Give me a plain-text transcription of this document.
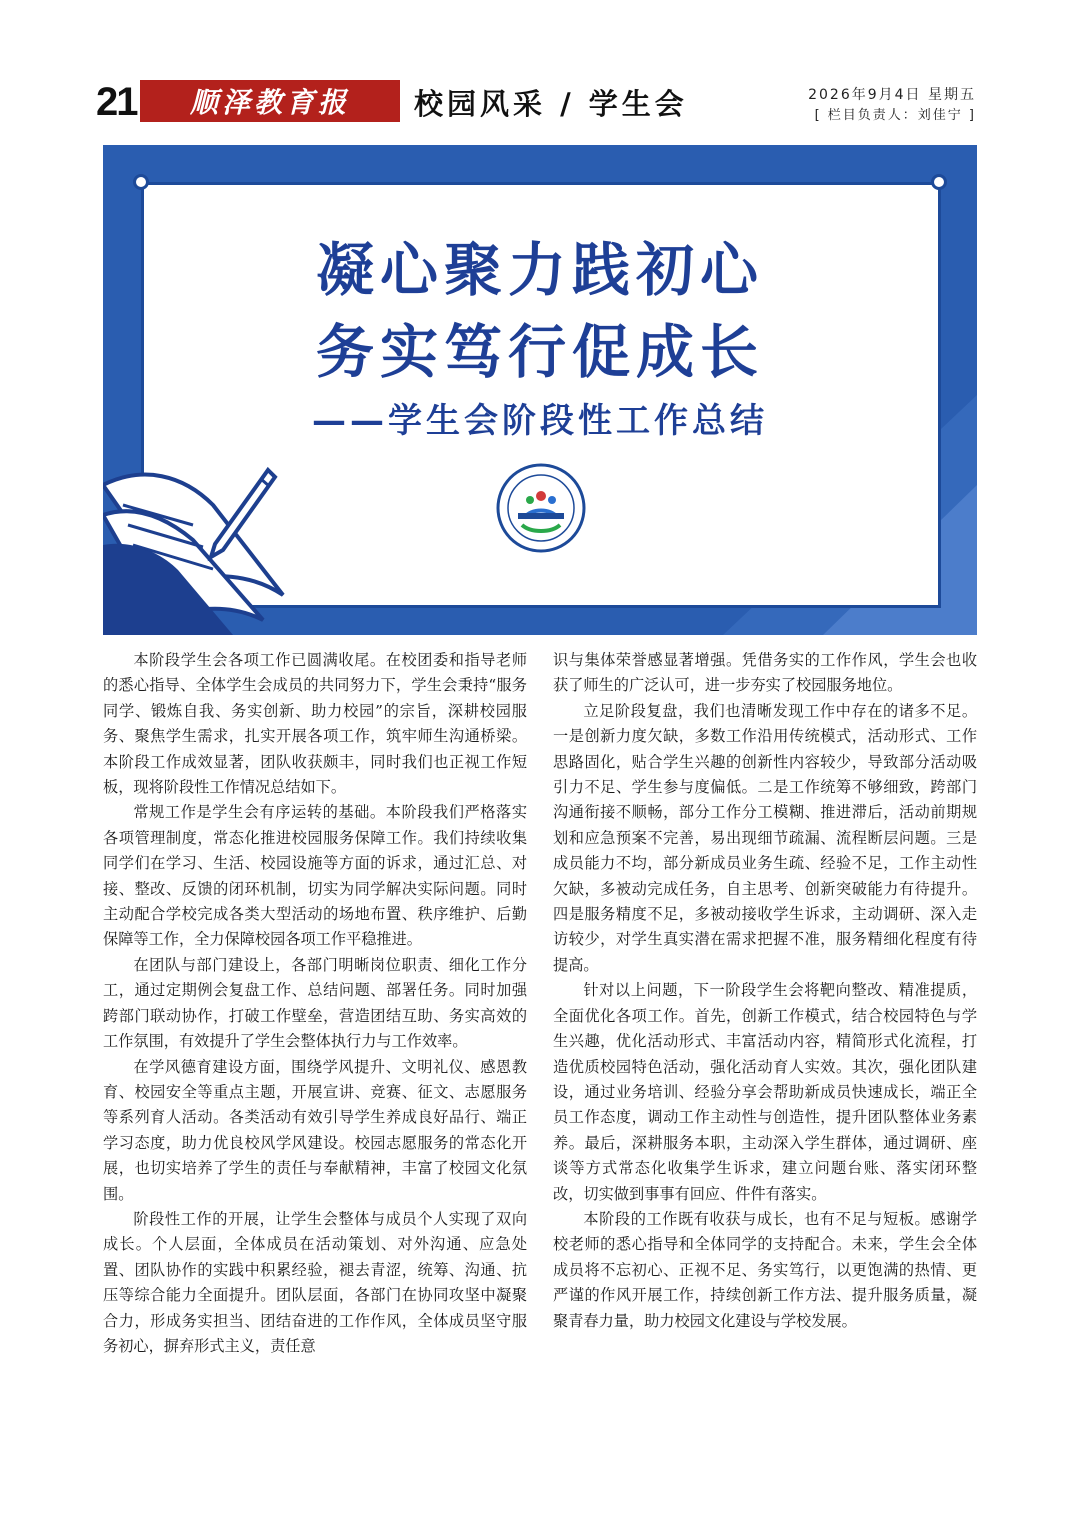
21	顺泽教育报	校园风采 / 学生会	2026年9月4日 星期五
[ 栏目负责人：刘佳宁 ]
凝心聚力践初心
务实笃行促成长
——学生会阶段性工作总结

本阶段学生会各项工作已圆满收尾。在校团委和指导老师的悉心指导、全体学生会成员的共同努力下，学生会秉持“服务同学、锻炼自我、务实创新、助力校园”的宗旨，深耕校园服务、聚焦学生需求，扎实开展各项工作，筑牢师生沟通桥梁。本阶段工作成效显著，团队收获颇丰，同时我们也正视工作短板，现将阶段性工作情况总结如下。

常规工作是学生会有序运转的基础。本阶段我们严格落实各项管理制度，常态化推进校园服务保障工作。我们持续收集同学们在学习、生活、校园设施等方面的诉求，通过汇总、对接、整改、反馈的闭环机制，切实为同学解决实际问题。同时主动配合学校完成各类大型活动的场地布置、秩序维护、后勤保障等工作，全力保障校园各项工作平稳推进。

在团队与部门建设上，各部门明晰岗位职责、细化工作分工，通过定期例会复盘工作、总结问题、部署任务。同时加强跨部门联动协作，打破工作壁垒，营造团结互助、务实高效的工作氛围，有效提升了学生会整体执行力与工作效率。

在学风德育建设方面，围绕学风提升、文明礼仪、感恩教育、校园安全等重点主题，开展宣讲、竞赛、征文、志愿服务等系列育人活动。各类活动有效引导学生养成良好品行、端正学习态度，助力优良校风学风建设。校园志愿服务的常态化开展，也切实培养了学生的责任与奉献精神，丰富了校园文化氛围。

阶段性工作的开展，让学生会整体与成员个人实现了双向成长。个人层面，全体成员在活动策划、对外沟通、应急处置、团队协作的实践中积累经验，褪去青涩，统筹、沟通、抗压等综合能力全面提升。团队层面，各部门在协同攻坚中凝聚合力，形成务实担当、团结奋进的工作作风，全体成员坚守服务初心，摒弃形式主义，责任意

识与集体荣誉感显著增强。凭借务实的工作作风，学生会也收获了师生的广泛认可，进一步夯实了校园服务地位。

立足阶段复盘，我们也清晰发现工作中存在的诸多不足。一是创新力度欠缺，多数工作沿用传统模式，活动形式、工作思路固化，贴合学生兴趣的创新性内容较少，导致部分活动吸引力不足、学生参与度偏低。二是工作统筹不够细致，跨部门沟通衔接不顺畅，部分工作分工模糊、推进滞后，活动前期规划和应急预案不完善，易出现细节疏漏、流程断层问题。三是成员能力不均，部分新成员业务生疏、经验不足，工作主动性欠缺，多被动完成任务，自主思考、创新突破能力有待提升。四是服务精度不足，多被动接收学生诉求，主动调研、深入走访较少，对学生真实潜在需求把握不准，服务精细化程度有待提高。

针对以上问题，下一阶段学生会将靶向整改、精准提质，全面优化各项工作。首先，创新工作模式，结合校园特色与学生兴趣，优化活动形式、丰富活动内容，精简形式化流程，打造优质校园特色活动，强化活动育人实效。其次，强化团队建设，通过业务培训、经验分享会帮助新成员快速成长，端正全员工作态度，调动工作主动性与创造性，提升团队整体业务素养。最后，深耕服务本职，主动深入学生群体，通过调研、座谈等方式常态化收集学生诉求，建立问题台账、落实闭环整改，切实做到事事有回应、件件有落实。

本阶段的工作既有收获与成长，也有不足与短板。感谢学校老师的悉心指导和全体同学的支持配合。未来，学生会全体成员将不忘初心、正视不足、务实笃行，以更饱满的热情、更严谨的作风开展工作，持续创新工作方法、提升服务质量，凝聚青春力量，助力校园文化建设与学校发展。
